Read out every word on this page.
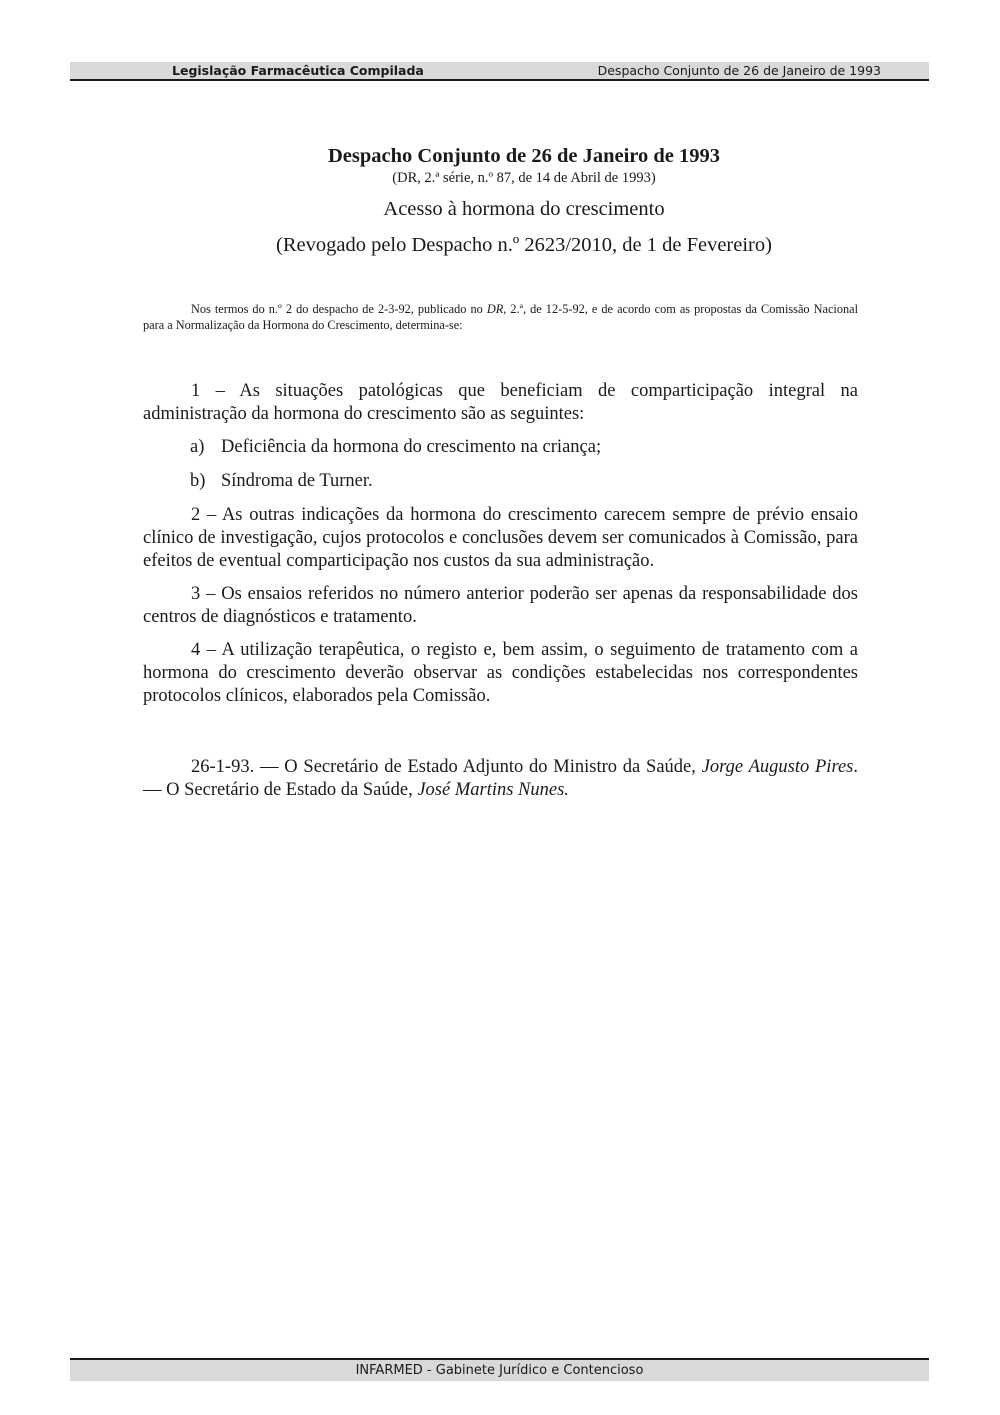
Legislação Farmacêutica Compilada	Despacho Conjunto de 26 de Janeiro de 1993
Despacho Conjunto de 26 de Janeiro de 1993
(DR, 2.ª série, n.º 87, de 14 de Abril de 1993)
Acesso à hormona do crescimento
(Revogado pelo Despacho n.º 2623/2010, de 1 de Fevereiro)
Nos termos do n.º 2 do despacho de 2-3-92, publicado no DR, 2.ª, de 12-5-92, e de acordo com as propostas da Comissão Nacional para a Normalização da Hormona do Crescimento, determina-se:
1 – As situações patológicas que beneficiam de comparticipação integral na administração da hormona do crescimento são as seguintes:
a) Deficiência da hormona do crescimento na criança;
b) Síndroma de Turner.
2 – As outras indicações da hormona do crescimento carecem sempre de prévio ensaio clínico de investigação, cujos protocolos e conclusões devem ser comunicados à Comissão, para efeitos de eventual comparticipação nos custos da sua administração.
3 – Os ensaios referidos no número anterior poderão ser apenas da responsabilidade dos centros de diagnósticos e tratamento.
4 – A utilização terapêutica, o registo e, bem assim, o seguimento de tratamento com a hormona do crescimento deverão observar as condições estabelecidas nos correspondentes protocolos clínicos, elaborados pela Comissão.
26-1-93. — O Secretário de Estado Adjunto do Ministro da Saúde, Jorge Augusto Pires. — O Secretário de Estado da Saúde, José Martins Nunes.
INFARMED - Gabinete Jurídico e Contencioso
